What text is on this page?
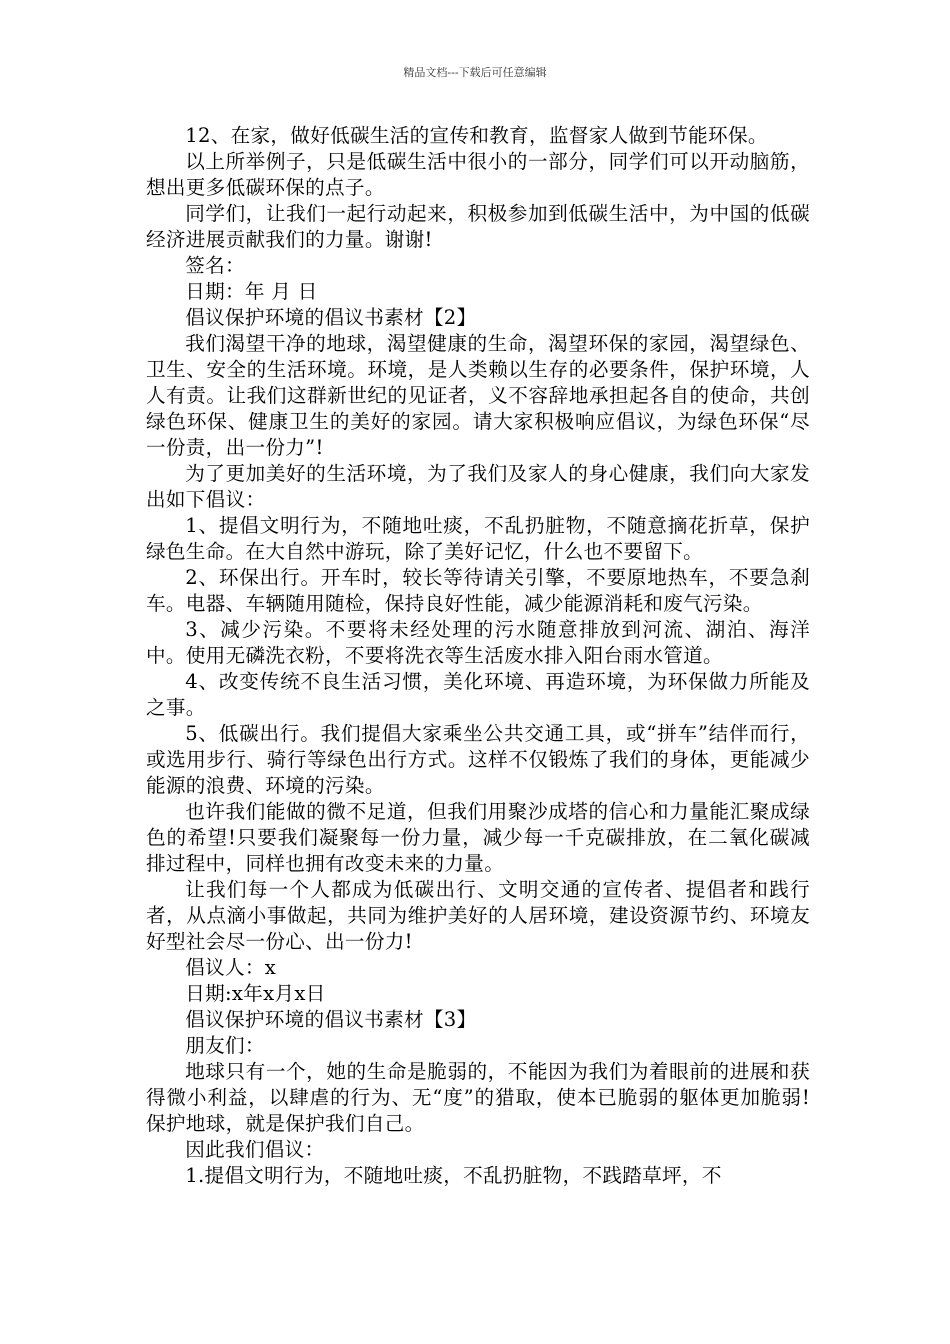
精品文档---下载后可任意编辑

12、在家，做好低碳生活的宣传和教育，监督家人做到节能环保。

以上所举例子，只是低碳生活中很小的一部分，同学们可以开动脑筋，想出更多低碳环保的点子。

同学们，让我们一起行动起来，积极参加到低碳生活中，为中国的低碳经济进展贡献我们的力量。谢谢!

签名：

日期：年 月 日

倡议保护环境的倡议书素材【2】

我们渴望干净的地球，渴望健康的生命，渴望环保的家园，渴望绿色、卫生、安全的生活环境。环境，是人类赖以生存的必要条件，保护环境，人人有责。让我们这群新世纪的见证者，义不容辞地承担起各自的使命，共创绿色环保、健康卫生的美好的家园。请大家积极响应倡议，为绿色环保“尽一份责，出一份力”!

为了更加美好的生活环境，为了我们及家人的身心健康，我们向大家发出如下倡议：

1、提倡文明行为，不随地吐痰，不乱扔脏物，不随意摘花折草，保护绿色生命。在大自然中游玩，除了美好记忆，什么也不要留下。

2、环保出行。开车时，较长等待请关引擎，不要原地热车，不要急刹车。电器、车辆随用随检，保持良好性能，减少能源消耗和废气污染。

3、减少污染。不要将未经处理的污水随意排放到河流、湖泊、海洋中。使用无磷洗衣粉，不要将洗衣等生活废水排入阳台雨水管道。

4、改变传统不良生活习惯，美化环境、再造环境，为环保做力所能及之事。

5、低碳出行。我们提倡大家乘坐公共交通工具，或“拼车”结伴而行，或选用步行、骑行等绿色出行方式。这样不仅锻炼了我们的身体，更能减少能源的浪费、环境的污染。

也许我们能做的微不足道，但我们用聚沙成塔的信心和力量能汇聚成绿色的希望!只要我们凝聚每一份力量，减少每一千克碳排放，在二氧化碳减排过程中，同样也拥有改变未来的力量。

让我们每一个人都成为低碳出行、文明交通的宣传者、提倡者和践行者，从点滴小事做起，共同为维护美好的人居环境，建设资源节约、环境友好型社会尽一份心、出一份力!

倡议人：x

日期:x年x月x日

倡议保护环境的倡议书素材【3】

朋友们：

地球只有一个，她的生命是脆弱的，不能因为我们为着眼前的进展和获得微小利益，以肆虐的行为、无“度”的猎取，使本已脆弱的躯体更加脆弱!保护地球，就是保护我们自己。

因此我们倡议：

1.提倡文明行为，不随地吐痰，不乱扔脏物，不践踏草坪，不
